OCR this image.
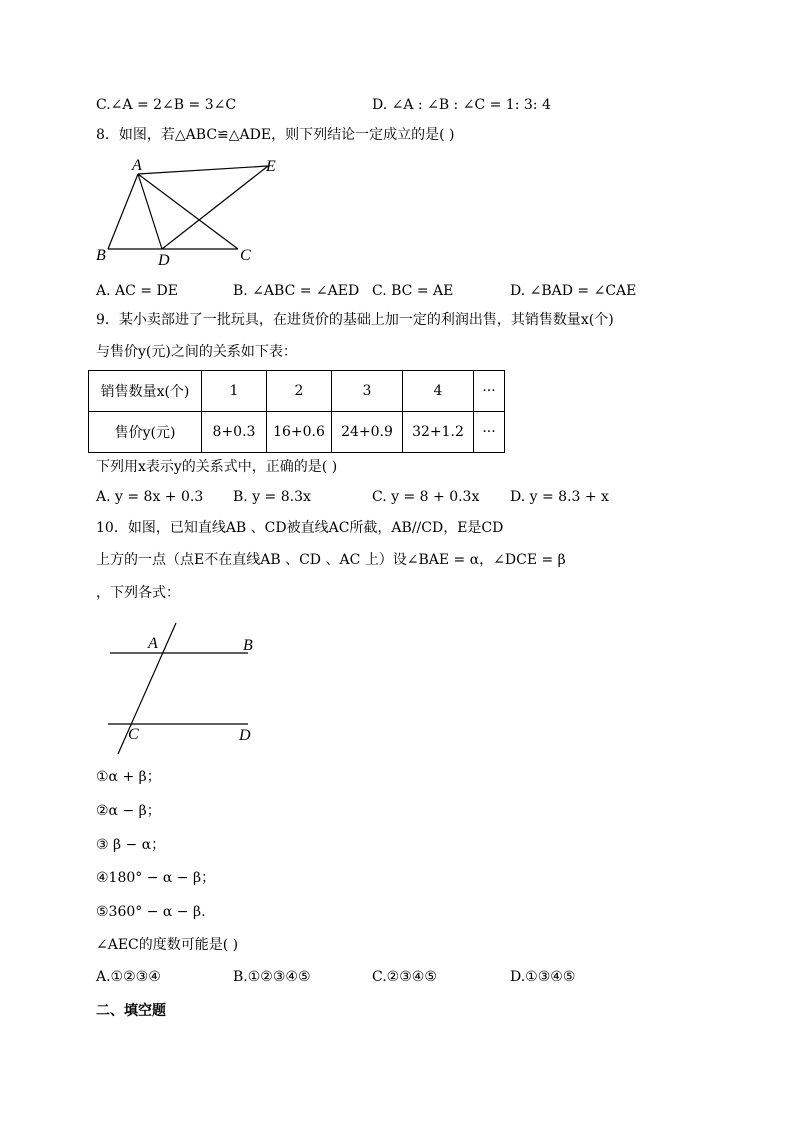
C.∠A = 2∠B = 3∠C	D. ∠A : ∠B : ∠C = 1: 3: 4
8．如图，若△ABC≌△ADE，则下列结论一定成立的是( )
A	E
B	D	C
A. AC = DE	B. ∠ABC = ∠AED C. BC = AE	D. ∠BAD = ∠CAE
9．某小卖部进了一批玩具，在进货价的基础上加一定的利润出售，其销售数量x(个)
与售价y(元)之间的关系如下表：
销售数量x(个)	1	2	3	4	···
售价y(元)	8+0.3	16+0.6	24+0.9	32+1.2	···
下列用x表示y的关系式中，正确的是( )
A. y = 8x + 0.3 B. y = 8.3x	C. y = 8 + 0.3x D. y = 8.3 + x
10．如图，已知直线AB 、CD被直线AC所截，AB//CD，E是CD
上方的一点（点E不在直线AB 、CD 、AC 上）设∠BAE = α，∠DCE = β
，下列各式：
A	B
C	D
①α + β；
②α − β；
③ β − α；
④180° − α − β；
⑤360° − α − β.
∠AEC的度数可能是( )
A.①②③④	B.①②③④⑤	C.②③④⑤	D.①③④⑤
二、填空题
